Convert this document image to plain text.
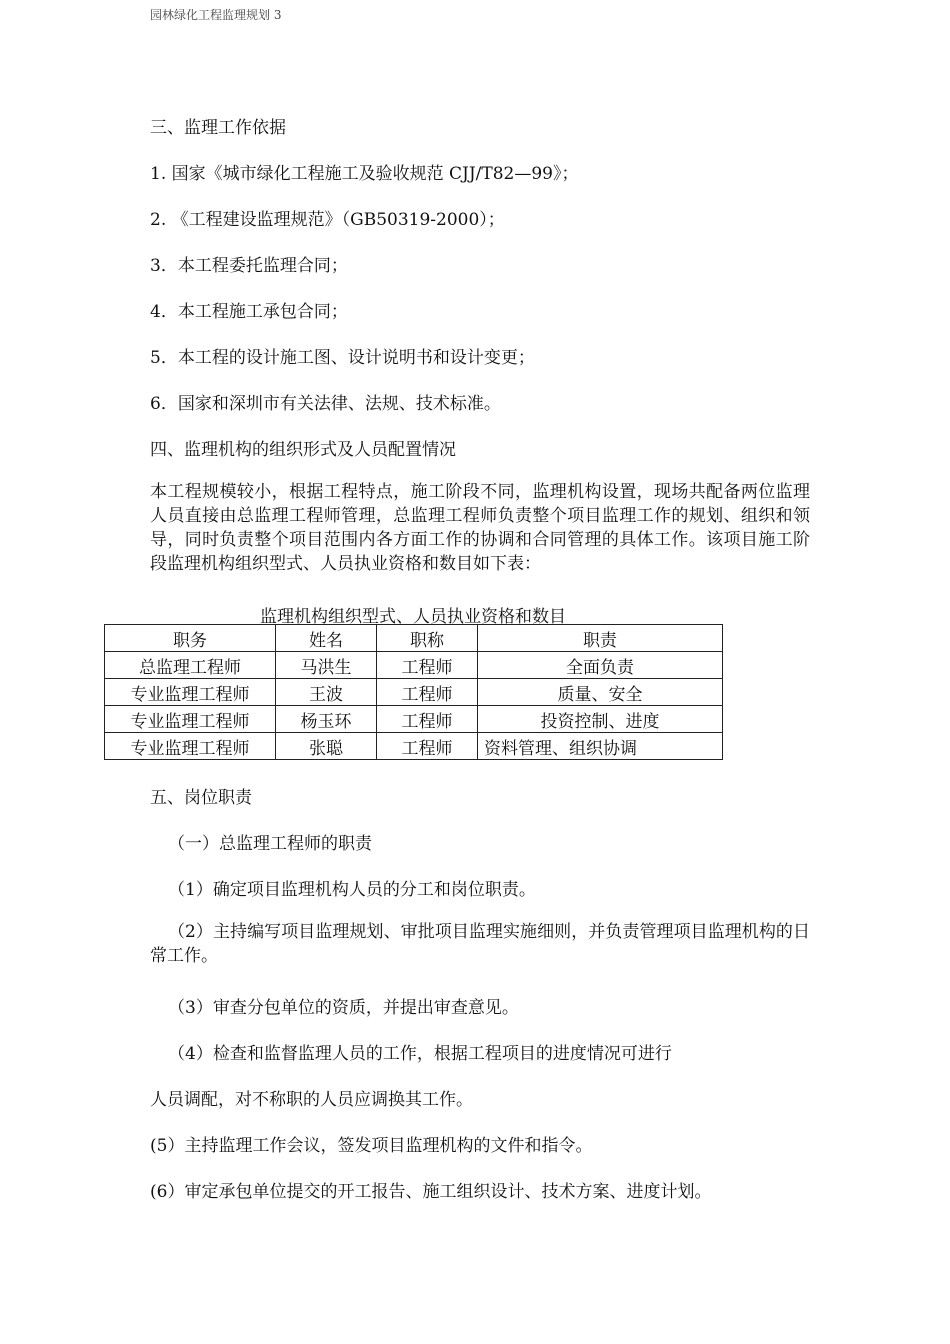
园林绿化工程监理规划 3
三、监理工作依据
1. 国家《城市绿化工程施工及验收规范 CJJ/T82—99》；
2. 《工程建设监理规范》（GB50319-2000）；
3．本工程委托监理合同；
4．本工程施工承包合同；
5．本工程的设计施工图、设计说明书和设计变更；
6．国家和深圳市有关法律、法规、技术标准。
四、监理机构的组织形式及人员配置情况
本工程规模较小，根据工程特点，施工阶段不同，监理机构设置，现场共配备两位监理人员直接由总监理工程师管理，总监理工程师负责整个项目监理工作的规划、组织和领导，同时负责整个项目范围内各方面工作的协调和合同管理的具体工作。该项目施工阶段监理机构组织型式、人员执业资格和数目如下表：
监理机构组织型式、人员执业资格和数目
职务	姓名	职称	职责
总监理工程师	马洪生	工程师	全面负责
专业监理工程师	王波	工程师	质量、安全
专业监理工程师	杨玉环	工程师	投资控制、进度
专业监理工程师	张聪	工程师	资料管理、组织协调
五、岗位职责
（一）总监理工程师的职责
（1）确定项目监理机构人员的分工和岗位职责。
（2）主持编写项目监理规划、审批项目监理实施细则，并负责管理项目监理机构的日常工作。
（3）审查分包单位的资质，并提出审查意见。
（4）检查和监督监理人员的工作，根据工程项目的进度情况可进行
人员调配，对不称职的人员应调换其工作。
(5）主持监理工作会议，签发项目监理机构的文件和指令。
(6）审定承包单位提交的开工报告、施工组织设计、技术方案、进度计划。
